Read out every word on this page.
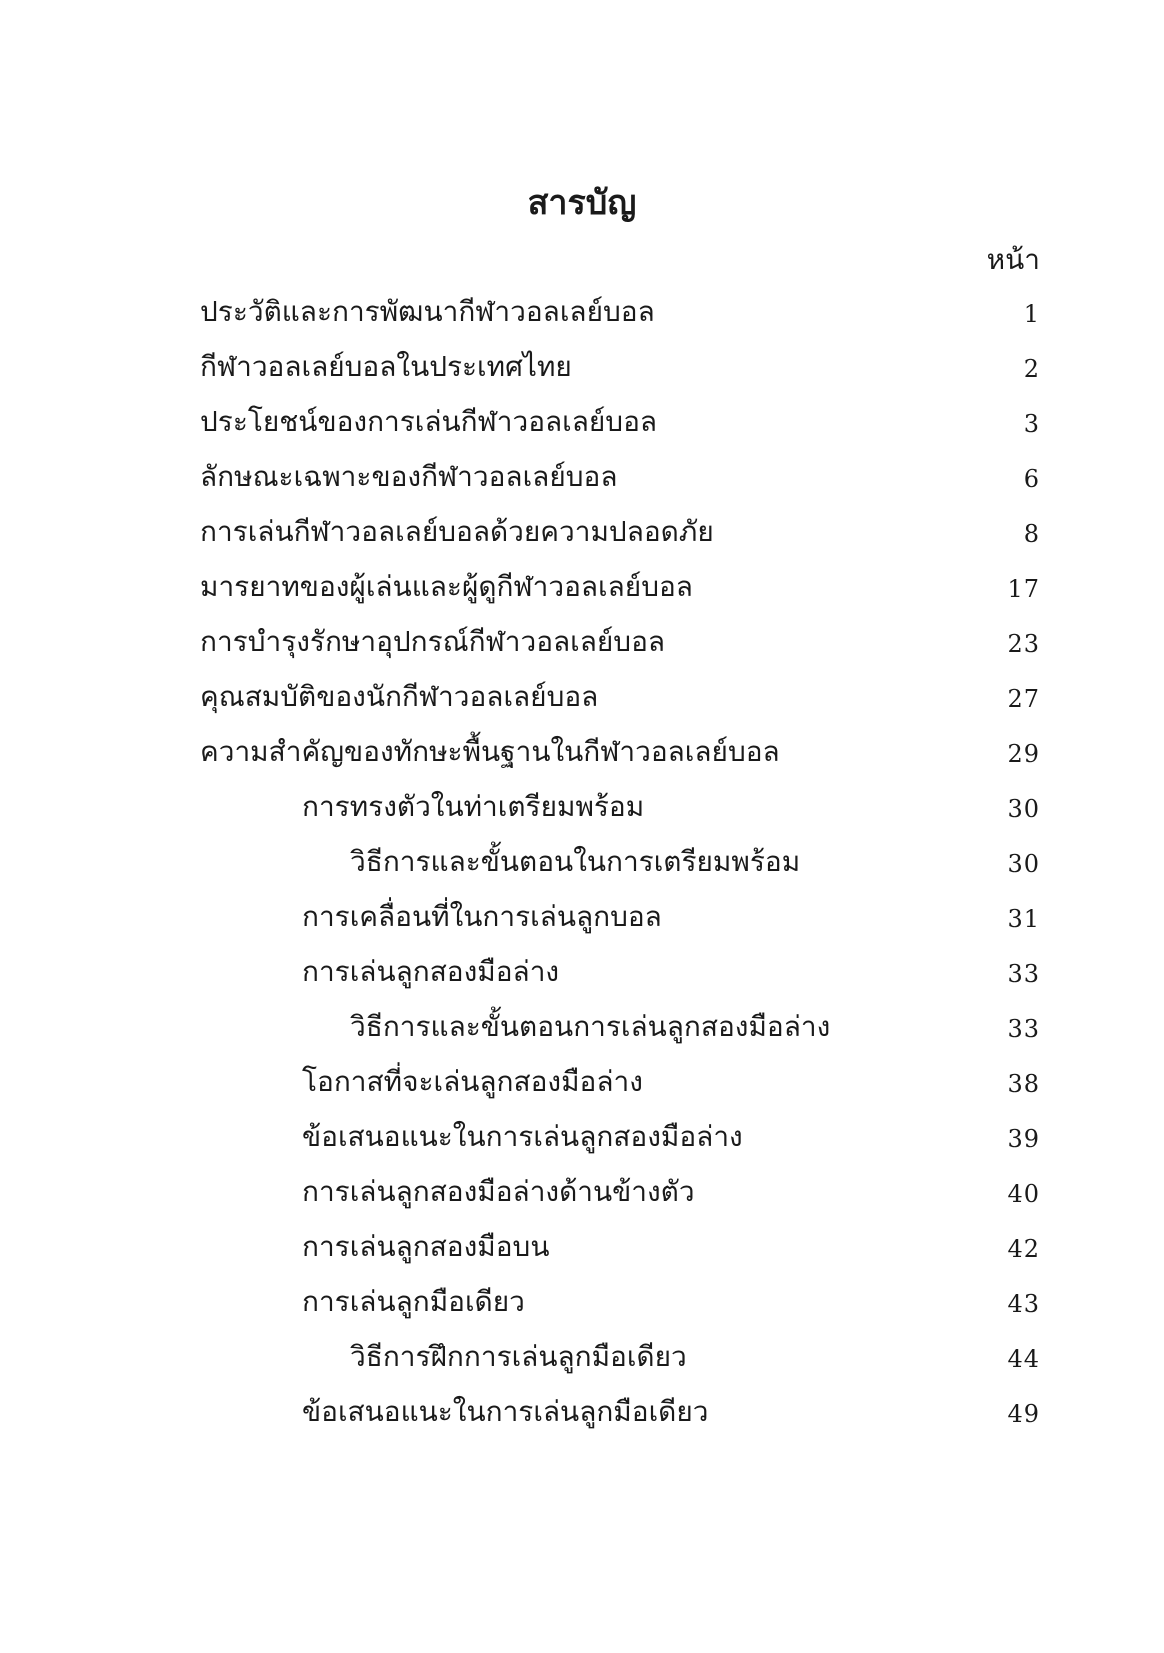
สารบัญ
หน้า
ประวัติและการพัฒนากีฬาวอลเลย์บอล	1
กีฬาวอลเลย์บอลในประเทศไทย	2
ประโยชน์ของการเล่นกีฬาวอลเลย์บอล	3
ลักษณะเฉพาะของกีฬาวอลเลย์บอล	6
การเล่นกีฬาวอลเลย์บอลด้วยความปลอดภัย	8
มารยาทของผู้เล่นและผู้ดูกีฬาวอลเลย์บอล	17
การบำรุงรักษาอุปกรณ์กีฬาวอลเลย์บอล	23
คุณสมบัติของนักกีฬาวอลเลย์บอล	27
ความสำคัญของทักษะพื้นฐานในกีฬาวอลเลย์บอล	29
การทรงตัวในท่าเตรียมพร้อม	30
วิธีการและขั้นตอนในการเตรียมพร้อม	30
การเคลื่อนที่ในการเล่นลูกบอล	31
การเล่นลูกสองมือล่าง	33
วิธีการและขั้นตอนการเล่นลูกสองมือล่าง	33
โอกาสที่จะเล่นลูกสองมือล่าง	38
ข้อเสนอแนะในการเล่นลูกสองมือล่าง	39
การเล่นลูกสองมือล่างด้านข้างตัว	40
การเล่นลูกสองมือบน	42
การเล่นลูกมือเดียว	43
วิธีการฝึกการเล่นลูกมือเดียว	44
ข้อเสนอแนะในการเล่นลูกมือเดียว	49
